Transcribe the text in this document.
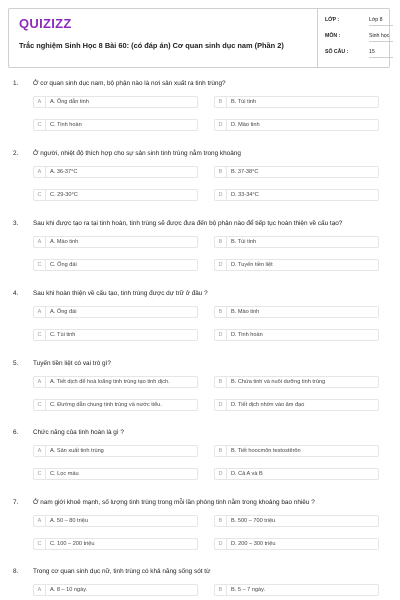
QUIZIZZ
Trắc nghiệm Sinh Học 8 Bài 60: (có đáp án) Cơ quan sinh dục nam (Phần 2)
LỚP :	Lớp 8
MÔN :	Sinh học
SỐ CÂU :	15
1. Ở cơ quan sinh dục nam, bộ phận nào là nơi sản xuất ra tinh trùng?
A	A. Ống dẫn tinh	B	B. Túi tinh
C	C. Tinh hoàn	D	D. Mào tinh
2. Ở người, nhiệt độ thích hợp cho sự sản sinh tinh trùng nằm trong khoảng
A	A. 36-37°C	B	B. 37-38°C
C	C. 29-30°C	D	D. 33-34°C
3. Sau khi được tạo ra tại tinh hoàn, tinh trùng sẽ được đưa đến bộ phận nào để tiếp tục hoàn thiện về cấu tạo?
A	A. Mào tinh	B	B. Túi tinh
C	C. Ống đái	D	D. Tuyến tiền liệt
4. Sau khi hoàn thiện về cấu tạo, tinh trùng được dự trữ ở đâu ?
A	A. Ống đái	B	B. Mào tinh
C	C. Túi tinh	D	D. Tinh hoàn
5. Tuyến tiền liệt có vai trò gì?
A	A. Tiết dịch để hoà loãng tinh trùng tạo tinh dịch.	B	B. Chứa tinh và nuôi dưỡng tinh trùng
C	C. Đường dẫn chung tinh trùng và nước tiểu.	D	D. Tiết dịch nhờn vào âm đạo
6. Chức năng của tinh hoàn là gì ?
A	A. Sản xuất tinh trùng	B	B. Tiết hoocmôn testostêrôn
C	C. Lọc máu	D	D. Cả A và B
7. Ở nam giới khoẻ mạnh, số lượng tinh trùng trong mỗi lần phóng tinh nằm trong khoảng bao nhiêu ?
A	A. 50 – 80 triệu	B	B. 500 – 700 triệu
C	C. 100 – 200 triệu	D	D. 200 – 300 triệu
8. Trong cơ quan sinh dục nữ, tinh trùng có khả năng sống sót từ
A	A. 8 – 10 ngày.	B	B. 5 – 7 ngày.
